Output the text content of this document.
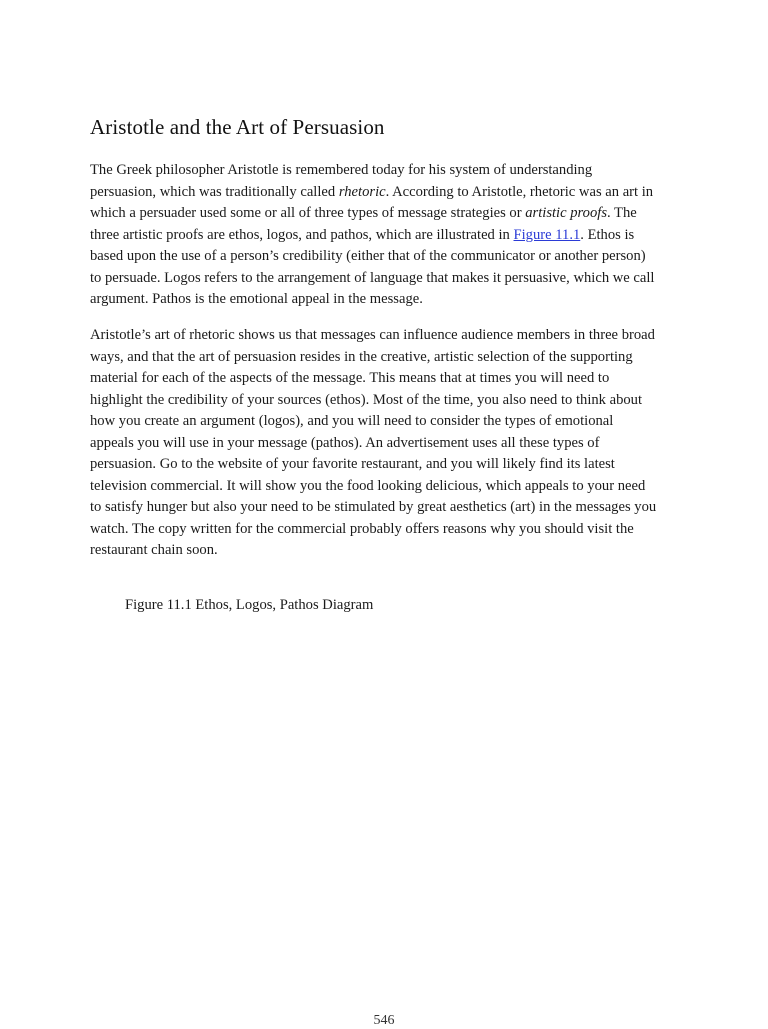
Aristotle and the Art of Persuasion

The Greek philosopher Aristotle is remembered today for his system of understanding persuasion, which was traditionally called rhetoric. According to Aristotle, rhetoric was an art in which a persuader used some or all of three types of message strategies or artistic proofs. The three artistic proofs are ethos, logos, and pathos, which are illustrated in Figure 11.1. Ethos is based upon the use of a person’s credibility (either that of the communicator or another person) to persuade. Logos refers to the arrangement of language that makes it persuasive, which we call argument. Pathos is the emotional appeal in the message.

Aristotle’s art of rhetoric shows us that messages can influence audience members in three broad ways, and that the art of persuasion resides in the creative, artistic selection of the supporting material for each of the aspects of the message. This means that at times you will need to highlight the credibility of your sources (ethos). Most of the time, you also need to think about how you create an argument (logos), and you will need to consider the types of emotional appeals you will use in your message (pathos). An advertisement uses all these types of persuasion. Go to the website of your favorite restaurant, and you will likely find its latest television commercial. It will show you the food looking delicious, which appeals to your need to satisfy hunger but also your need to be stimulated by great aesthetics (art) in the messages you watch. The copy written for the commercial probably offers reasons why you should visit the restaurant chain soon.

Figure 11.1 Ethos, Logos, Pathos Diagram

546
